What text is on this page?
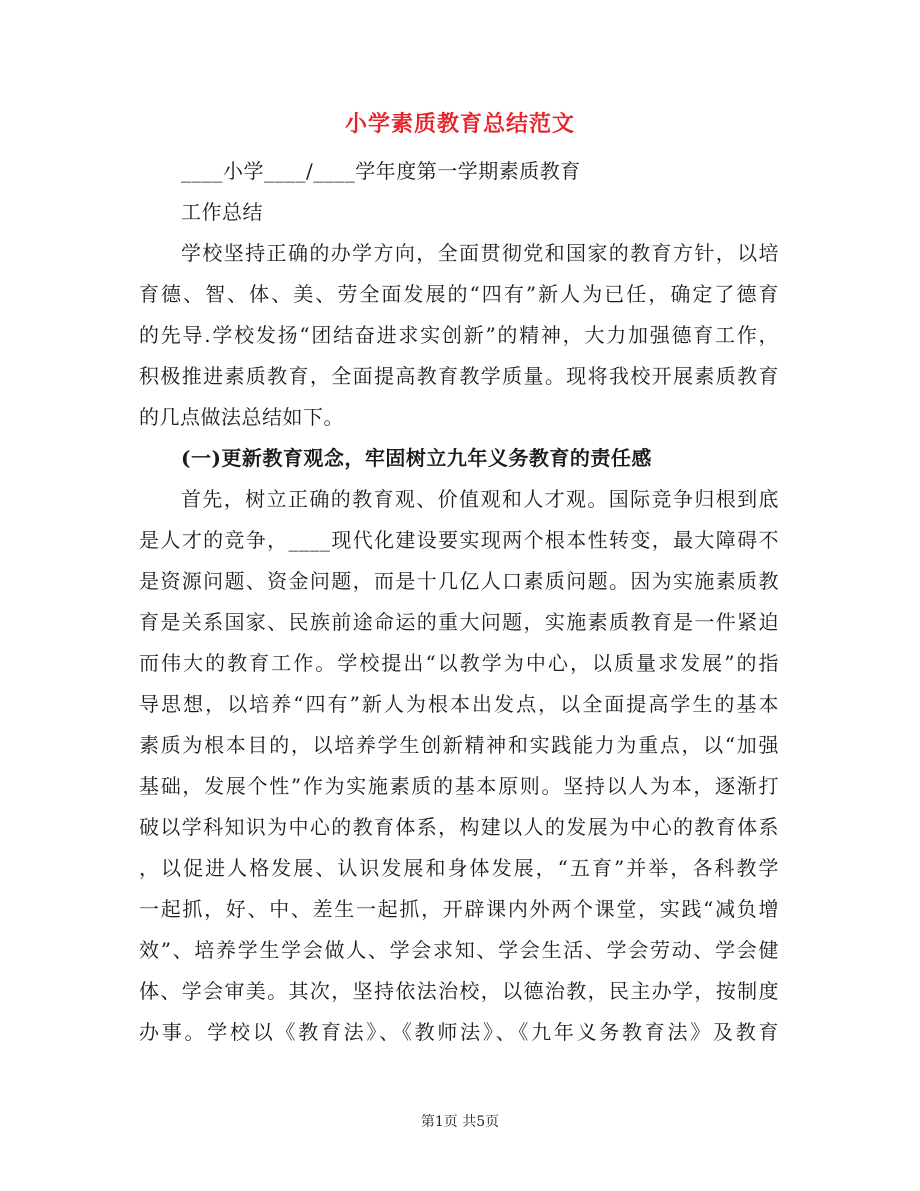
小学素质教育总结范文
____小学____/____学年度第一学期素质教育
工作总结
学校坚持正确的办学方向，全面贯彻党和国家的教育方针，以培
育德、智、体、美、劳全面发展的“四有”新人为已任，确定了德育
的先导.学校发扬“团结奋进求实创新”的精神，大力加强德育工作，
积极推进素质教育，全面提高教育教学质量。现将我校开展素质教育
的几点做法总结如下。
(一)更新教育观念，牢固树立九年义务教育的责任感
首先，树立正确的教育观、价值观和人才观。国际竞争归根到底
是人才的竞争，____现代化建设要实现两个根本性转变，最大障碍不
是资源问题、资金问题，而是十几亿人口素质问题。因为实施素质教
育是关系国家、民族前途命运的重大问题，实施素质教育是一件紧迫
而伟大的教育工作。学校提出“以教学为中心，以质量求发展”的指
导思想，以培养“四有”新人为根本出发点，以全面提高学生的基本
素质为根本目的，以培养学生创新精神和实践能力为重点，以“加强
基础，发展个性”作为实施素质的基本原则。坚持以人为本，逐渐打
破以学科知识为中心的教育体系，构建以人的发展为中心的教育体系
，以促进人格发展、认识发展和身体发展，“五育”并举，各科教学
一起抓，好、中、差生一起抓，开辟课内外两个课堂，实践“减负增
效”、培养学生学会做人、学会求知、学会生活、学会劳动、学会健
体、学会审美。其次，坚持依法治校，以德治教，民主办学，按制度
办事。学校以《教育法》、《教师法》、《九年义务教育法》及教育
第1页 共5页
